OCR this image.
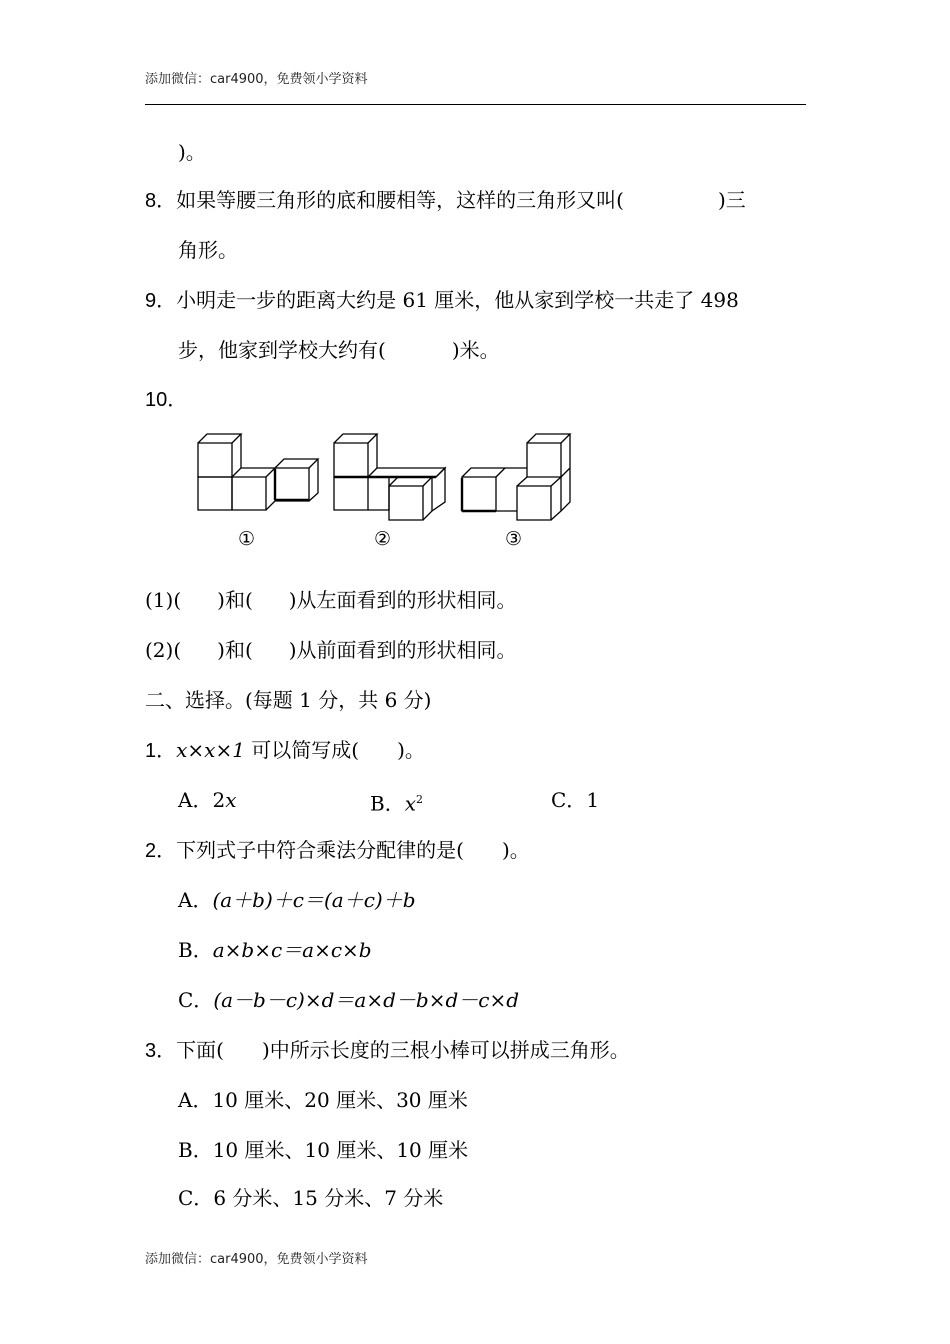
添加微信：car4900，免费领小学资料
)。
8．如果等腰三角形的底和腰相等，这样的三角形又叫(	)三
角形。
9．小明走一步的距离大约是 61 厘米，他从家到学校一共走了 498
步，他家到学校大约有(	)米。
10．
①	②	③
(1)( )和( )从左面看到的形状相同。
(2)( )和( )从前面看到的形状相同。
二、选择。(每题 1 分，共 6 分)
1．x×x×1 可以简写成( )。
A．2x	B．$x^2$	C．1
2．下列式子中符合乘法分配律的是( )。
A．(a＋b)＋c＝(a＋c)＋b
B．a×b×c＝a×c×b
C．(a－b－c)×d＝a×d－b×d－c×d
3．下面( )中所示长度的三根小棒可以拼成三角形。
A．10 厘米、20 厘米、30 厘米
B．10 厘米、10 厘米、10 厘米
C．6 分米、15 分米、7 分米
添加微信：car4900，免费领小学资料
